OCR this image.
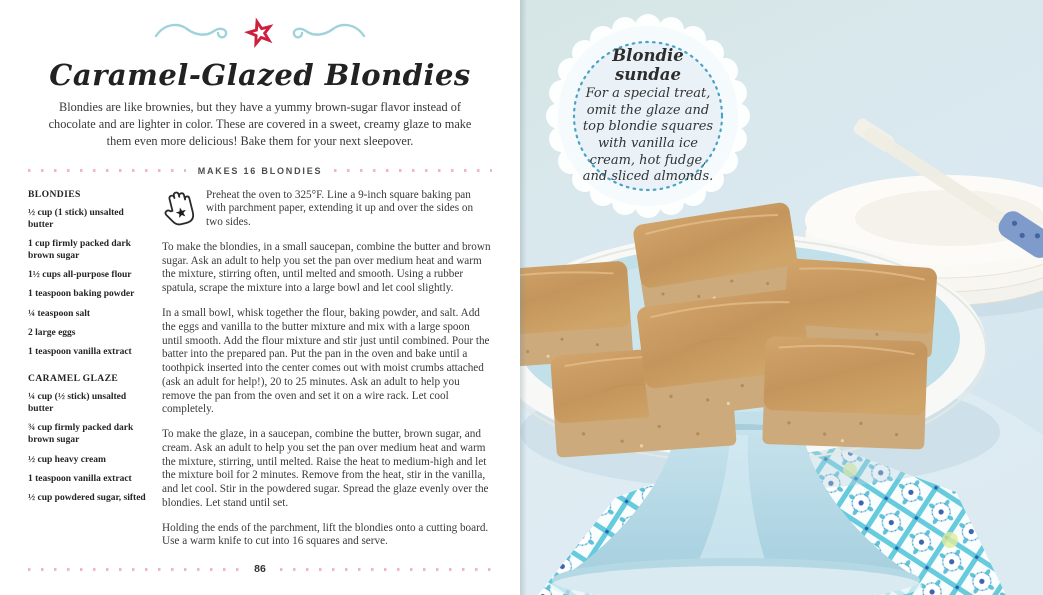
Caramel-Glazed Blondies

Blondies are like brownies, but they have a yummy brown-sugar flavor instead of chocolate and are lighter in color. These are covered in a sweet, creamy glaze to make them even more delicious! Bake them for your next sleepover.

MAKES 16 BLONDIES
BLONDIES

½ cup (1 stick) unsalted butter

1 cup firmly packed dark brown sugar

1½ cups all-purpose flour

1 teaspoon baking powder

¼ teaspoon salt

2 large eggs

1 teaspoon vanilla extract

CARAMEL GLAZE

¼ cup (½ stick) unsalted butter

¾ cup firmly packed dark brown sugar

½ cup heavy cream

1 teaspoon vanilla extract

½ cup powdered sugar, sifted

Preheat the oven to 325°F. Line a 9-inch square baking pan with parchment paper, extending it up and over the sides on two sides.

To make the blondies, in a small saucepan, combine the butter and brown sugar. Ask an adult to help you set the pan over medium heat and warm the mixture, stirring often, until melted and smooth. Using a rubber spatula, scrape the mixture into a large bowl and let cool slightly.

In a small bowl, whisk together the flour, baking powder, and salt. Add the eggs and vanilla to the butter mixture and mix with a large spoon until smooth. Add the flour mixture and stir just until combined. Pour the batter into the prepared pan. Put the pan in the oven and bake until a toothpick inserted into the center comes out with moist crumbs attached (ask an adult for help!), 20 to 25 minutes. Ask an adult to help you remove the pan from the oven and set it on a wire rack. Let cool completely.

To make the glaze, in a saucepan, combine the butter, brown sugar, and cream. Ask an adult to help you set the pan over medium heat and warm the mixture, stirring, until melted. Raise the heat to medium-high and let the mixture boil for 2 minutes. Remove from the heat, stir in the vanilla, and let cool. Stir in the powdered sugar. Spread the glaze evenly over the blondies. Let stand until set.

Holding the ends of the parchment, lift the blondies onto a cutting board. Use a warm knife to cut into 16 squares and serve.

86
Blondie sundae
For a special treat, omit the glaze and top blondie squares with vanilla ice cream, hot fudge, and sliced almonds.
